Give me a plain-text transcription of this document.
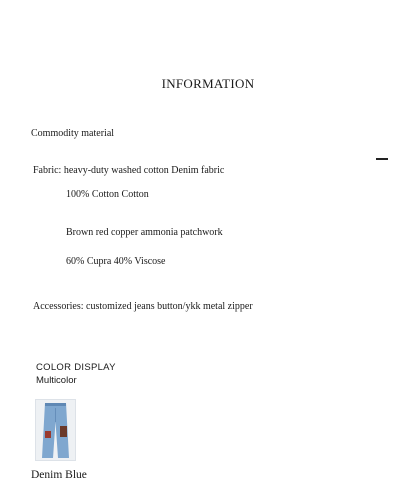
INFORMATION
Commodity material
Fabric: heavy-duty washed cotton Denim fabric
100% Cotton Cotton
Brown red copper ammonia patchwork
60% Cupra 40% Viscose
Accessories: customized jeans button/ykk metal zipper
COLOR DISPLAY
Multicolor
Denim Blue
